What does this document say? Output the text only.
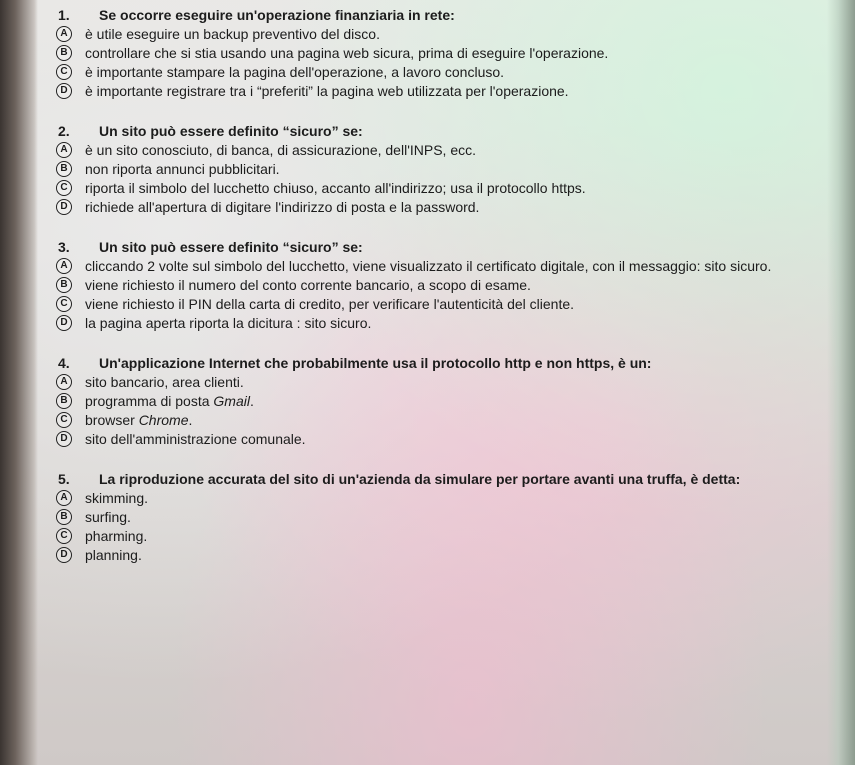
1.	Se occorre eseguire un'operazione finanziaria in rete:
A	è utile eseguire un backup preventivo del disco.
B	controllare che si stia usando una pagina web sicura, prima di eseguire l'operazione.
C	è importante stampare la pagina dell'operazione, a lavoro concluso.
D	è importante registrare tra i “preferiti” la pagina web utilizzata per l'operazione.
2.	Un sito può essere definito “sicuro” se:
A	è un sito conosciuto, di banca, di assicurazione, dell'INPS, ecc.
B	non riporta annunci pubblicitari.
C	riporta il simbolo del lucchetto chiuso, accanto all'indirizzo; usa il protocollo https.
D	richiede all'apertura di digitare l'indirizzo di posta e la password.
3.	Un sito può essere definito “sicuro” se:
A	cliccando 2 volte sul simbolo del lucchetto, viene visualizzato il certificato digitale, con il messaggio: sito sicuro.
B	viene richiesto il numero del conto corrente bancario, a scopo di esame.
C	viene richiesto il PIN della carta di credito, per verificare l'autenticità del cliente.
D	la pagina aperta riporta la dicitura : sito sicuro.
4.	Un'applicazione Internet che probabilmente usa il protocollo http e non https, è un:
A	sito bancario, area clienti.
B	programma di posta Gmail.
C	browser Chrome.
D	sito dell'amministrazione comunale.
5.	La riproduzione accurata del sito di un'azienda da simulare per portare avanti una truffa, è detta:
A	skimming.
B	surfing.
C	pharming.
D	planning.
